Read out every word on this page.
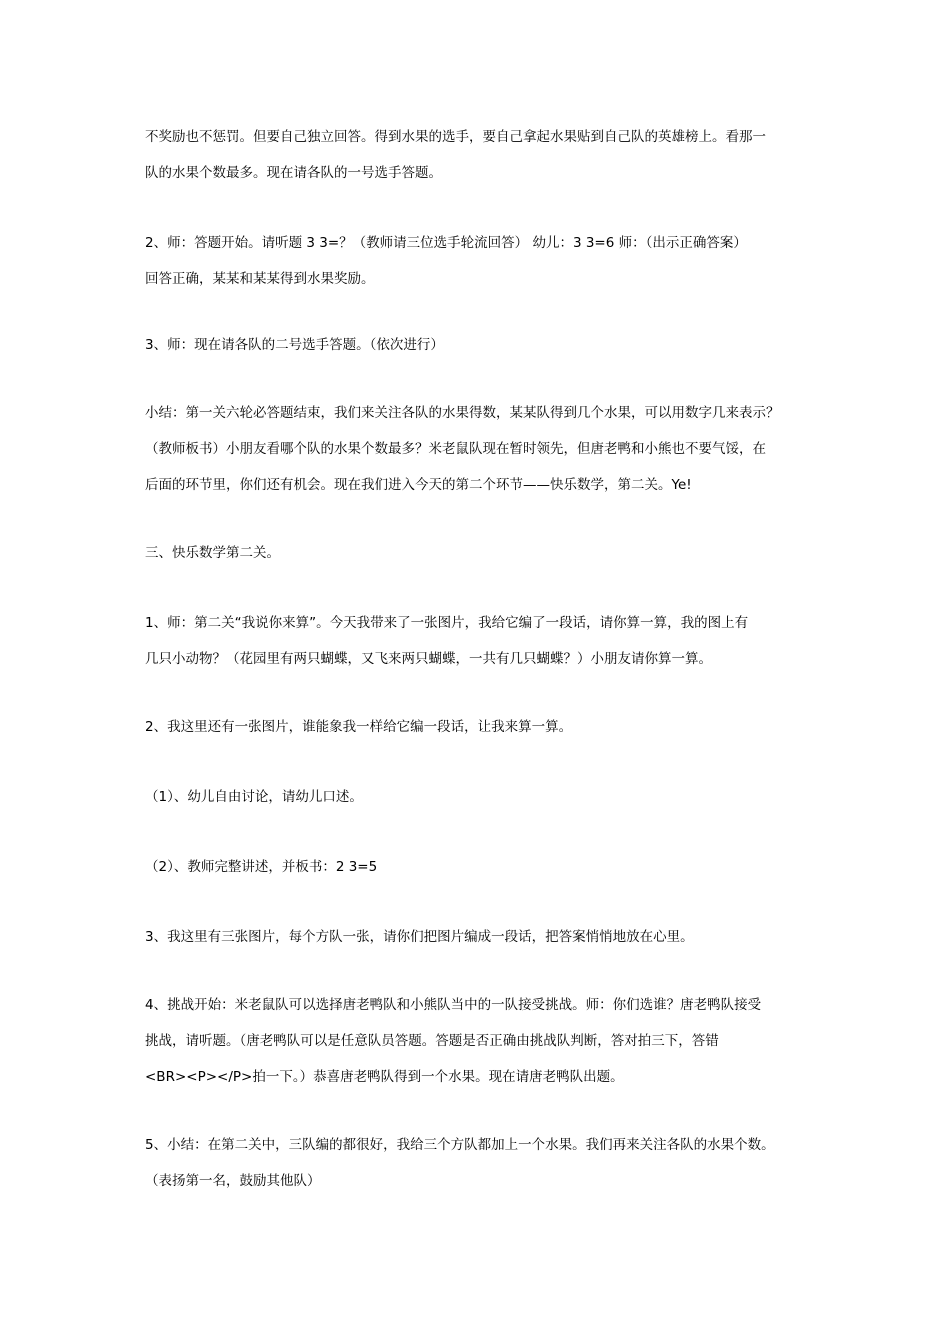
不奖励也不惩罚。但要自己独立回答。得到水果的选手，要自己拿起水果贴到自己队的英雄榜上。看那一
队的水果个数最多。现在请各队的一号选手答题。
2、师：答题开始。请听题 3 3=？（教师请三位选手轮流回答） 幼儿：3 3=6 师：（出示正确答案）
回答正确，某某和某某得到水果奖励。
3、师：现在请各队的二号选手答题。（依次进行）
小结：第一关六轮必答题结束，我们来关注各队的水果得数，某某队得到几个水果，可以用数字几来表示？
（教师板书）小朋友看哪个队的水果个数最多？米老鼠队现在暂时领先，但唐老鸭和小熊也不要气馁，在
后面的环节里，你们还有机会。现在我们进入今天的第二个环节——快乐数学，第二关。Ye!
三、快乐数学第二关。
1、师：第二关“我说你来算”。今天我带来了一张图片，我给它编了一段话，请你算一算，我的图上有
几只小动物？（花园里有两只蝴蝶，又飞来两只蝴蝶，一共有几只蝴蝶？）小朋友请你算一算。
2、我这里还有一张图片，谁能象我一样给它编一段话，让我来算一算。
（1）、幼儿自由讨论，请幼儿口述。
（2）、教师完整讲述，并板书：2 3=5
3、我这里有三张图片，每个方队一张，请你们把图片编成一段话，把答案悄悄地放在心里。
4、挑战开始：米老鼠队可以选择唐老鸭队和小熊队当中的一队接受挑战。师：你们选谁？唐老鸭队接受
挑战，请听题。（唐老鸭队可以是任意队员答题。答题是否正确由挑战队判断，答对拍三下，答错
<BR><P></P>拍一下。）恭喜唐老鸭队得到一个水果。现在请唐老鸭队出题。
5、小结：在第二关中，三队编的都很好，我给三个方队都加上一个水果。我们再来关注各队的水果个数。
（表扬第一名，鼓励其他队）
